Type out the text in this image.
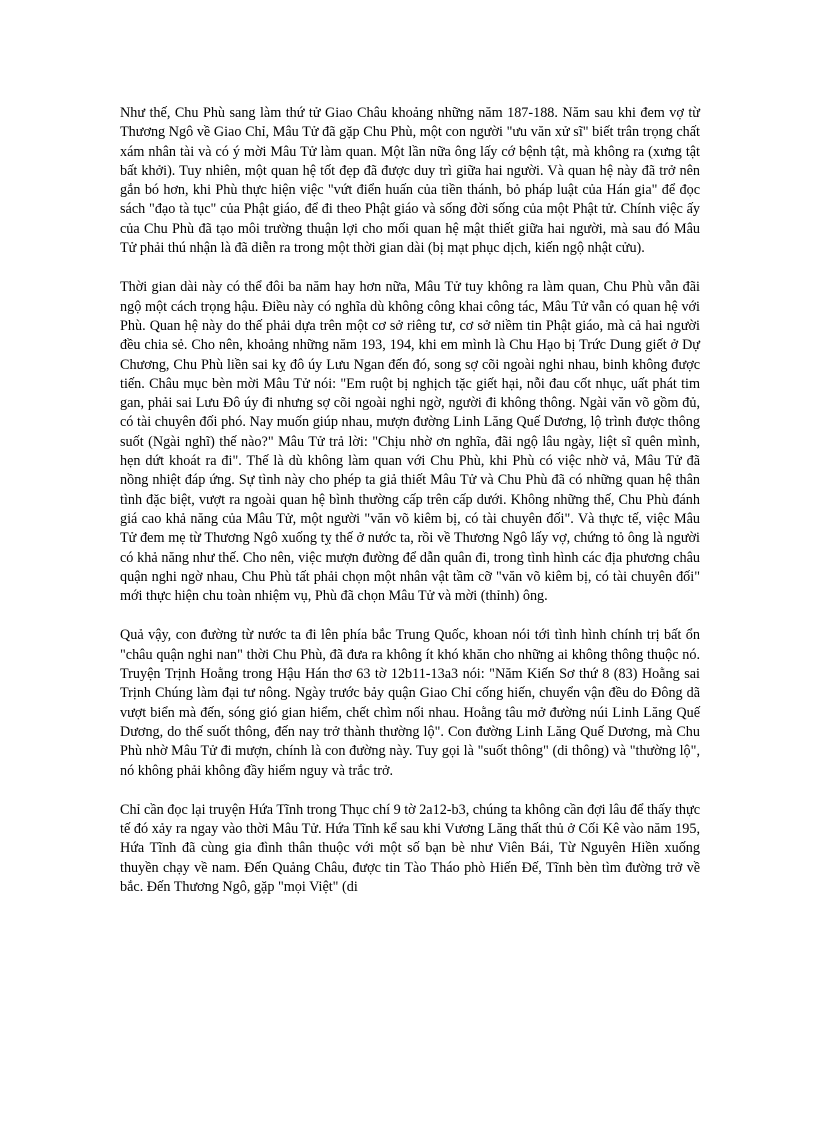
Như thế, Chu Phù sang làm thứ tử Giao Châu khoảng những năm 187-188. Năm sau khi đem vợ từ Thương Ngô về Giao Chỉ, Mâu Tử đã gặp Chu Phù, một con người "ưu văn xử sĩ" biết trân trọng chất xám nhân tài và có ý mời Mâu Tử làm quan. Một lần nữa ông lấy cớ bệnh tật, mà không ra (xưng tật bất khởi). Tuy nhiên, một quan hệ tốt đẹp đã được duy trì giữa hai người. Và quan hệ này đã trở nên gắn bó hơn, khi Phù thực hiện việc "vứt điển huấn của tiền thánh, bỏ pháp luật của Hán gia" để đọc sách "đạo tà tục" của Phật giáo, để đi theo Phật giáo và sống đời sống của một Phật tử. Chính việc ấy của Chu Phù đã tạo môi trường thuận lợi cho mối quan hệ mật thiết giữa hai người, mà sau đó Mâu Tử phải thú nhận là đã diễn ra trong một thời gian dài (bị mạt phục dịch, kiến ngộ nhật cửu).

Thời gian dài này có thể đôi ba năm hay hơn nữa, Mâu Tử tuy không ra làm quan, Chu Phù vẫn đãi ngộ một cách trọng hậu. Điều này có nghĩa dù không công khai công tác, Mâu Tử vẫn có quan hệ với Phù. Quan hệ này do thế phải dựa trên một cơ sở riêng tư, cơ sở niềm tin Phật giáo, mà cả hai người đều chia sẻ. Cho nên, khoảng những năm 193, 194, khi em mình là Chu Hạo bị Trức Dung giết ở Dự Chương, Chu Phù liền sai kỵ đô úy Lưu Ngan đến đó, song sợ cõi ngoài nghi nhau, binh không được tiến. Châu mục bèn mời Mâu Tử nói: "Em ruột bị nghịch tặc giết hại, nỗi đau cốt nhục, uất phát tim gan, phải sai Lưu Đô úy đi nhưng sợ cõi ngoài nghi ngờ, người đi không thông. Ngài văn võ gồm đủ, có tài chuyên đối phó. Nay muốn giúp nhau, mượn đường Linh Lăng Quế Dương, lộ trình được thông suốt (Ngài nghĩ) thế nào?" Mâu Tử trả lời: "Chịu nhờ ơn nghĩa, đãi ngộ lâu ngày, liệt sĩ quên mình, hẹn dứt khoát ra đi". Thế là dù không làm quan với Chu Phù, khi Phù có việc nhờ vả, Mâu Tử đã nồng nhiệt đáp ứng. Sự tình này cho phép ta giả thiết Mâu Tử và Chu Phù đã có những quan hệ thân tình đặc biệt, vượt ra ngoài quan hệ bình thường cấp trên cấp dưới. Không những thế, Chu Phù đánh giá cao khả năng của Mâu Tử, một người "văn võ kiêm bị, có tài chuyên đối". Và thực tế, việc Mâu Tử đem mẹ từ Thương Ngô xuống tỵ thế ở nước ta, rồi về Thương Ngô lấy vợ, chứng tỏ ông là người có khả năng như thế. Cho nên, việc mượn đường để dẫn quân đi, trong tình hình các địa phương châu quận nghi ngờ nhau, Chu Phù tất phải chọn một nhân vật tầm cỡ "văn võ kiêm bị, có tài chuyên đối" mới thực hiện chu toàn nhiệm vụ, Phù đã chọn Mâu Tử và mời (thỉnh) ông.

Quả vậy, con đường từ nước ta đi lên phía bắc Trung Quốc, khoan nói tới tình hình chính trị bất ổn "châu quận nghi nan" thời Chu Phù, đã đưa ra không ít khó khăn cho những ai không thông thuộc nó. Truyện Trịnh Hoằng trong Hậu Hán thơ 63 tờ 12b11-13a3 nói: "Năm Kiến Sơ thứ 8 (83) Hoằng sai Trịnh Chúng làm đại tư nông. Ngày trước bảy quận Giao Chỉ cống hiến, chuyển vận đều do Đông dã vượt biển mà đến, sóng gió gian hiểm, chết chìm nối nhau. Hoằng tâu mở đường núi Linh Lăng Quế Dương, do thế suốt thông, đến nay trở thành thường lộ". Con đường Linh Lăng Quế Dương, mà Chu Phù nhờ Mâu Tử đi mượn, chính là con đường này. Tuy gọi là "suốt thông" (di thông) và "thường lộ", nó không phải không đầy hiểm nguy và trắc trở.

Chỉ cần đọc lại truyện Hứa Tĩnh trong Thục chí 9 tờ 2a12-b3, chúng ta không cần đợi lâu để thấy thực tế đó xảy ra ngay vào thời Mâu Tử. Hứa Tĩnh kể sau khi Vương Lăng thất thủ ở Cối Kê vào năm 195, Hứa Tĩnh đã cùng gia đình thân thuộc với một số bạn bè như Viên Bái, Từ Nguyên Hiền xuống thuyền chạy về nam. Đến Quảng Châu, được tin Tào Tháo phò Hiến Đế, Tĩnh bèn tìm đường trở về bắc. Đến Thương Ngô, gặp "mọi Việt" (di
